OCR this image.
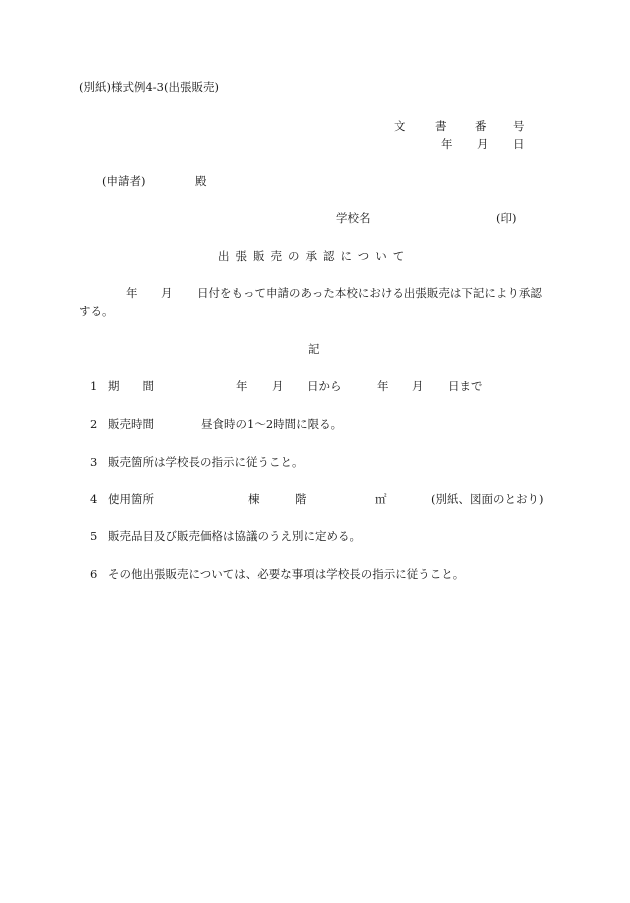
(別紙)様式例4-3(出張販売)
文	書 番 号
年 月 日
(申請者)	殿
学校名	(印)
出張販売の承認について
年 月 日付をもって申請のあった本校における出張販売は下記により承認
する。
記
1 期　　間	年 月 日から	年 月 日まで
2 販売時間	昼食時の1～2時間に限る。
3 販売箇所は学校長の指示に従うこと。
4 使用箇所	棟	階	㎡	(別紙、図面のとおり)
5 販売品目及び販売価格は協議のうえ別に定める。
6 その他出張販売については、必要な事項は学校長の指示に従うこと。
